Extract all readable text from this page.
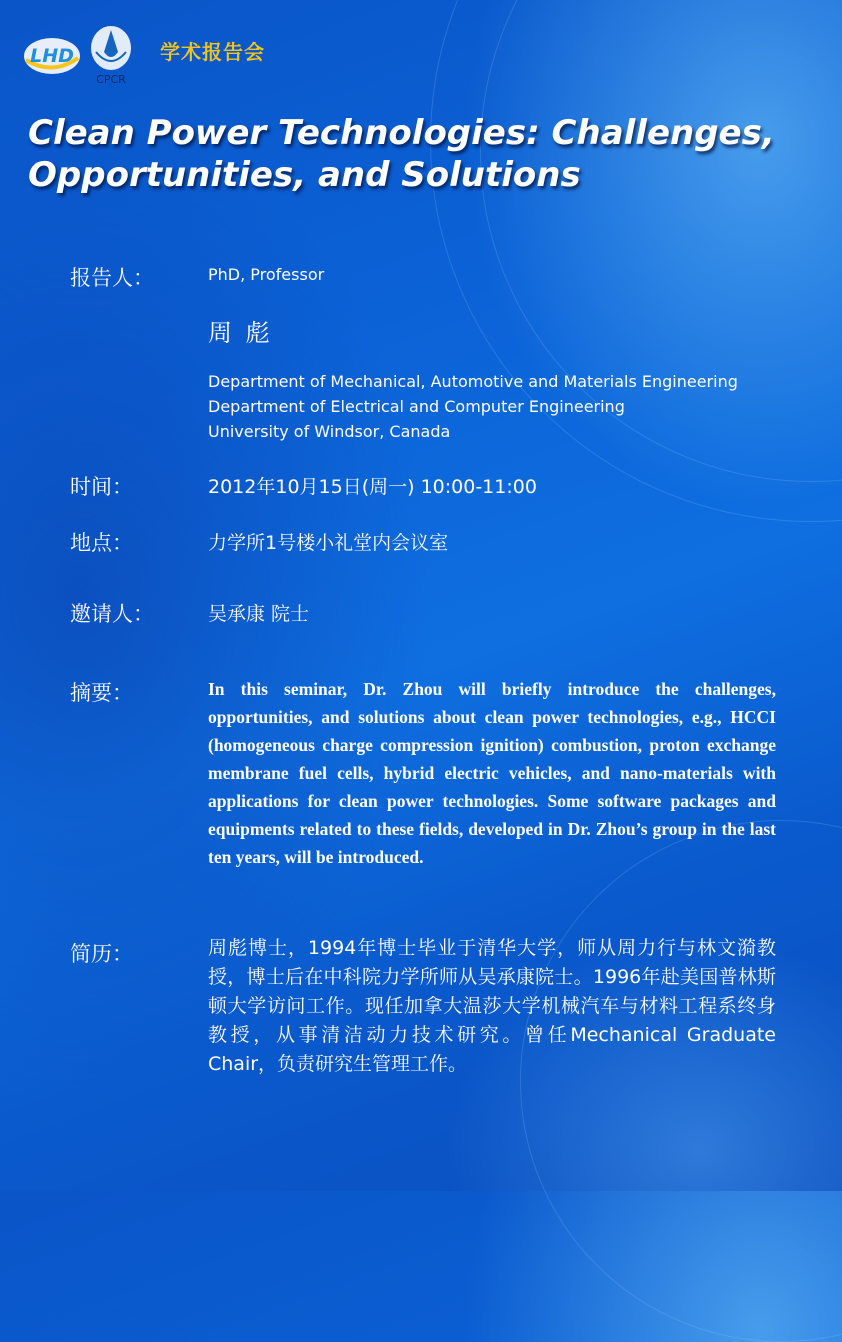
LHD
CPCR
学术报告会
Clean Power Technologies: Challenges,
Opportunities, and Solutions
报告人：	PhD, Professor
周 彪
Department of Mechanical, Automotive and Materials Engineering
Department of Electrical and Computer Engineering
University of Windsor, Canada
时间：	2012年10月15日(周一) 10:00-11:00
地点：	力学所1号楼小礼堂内会议室
邀请人：	吴承康 院士
摘要：	In this seminar, Dr. Zhou will briefly introduce the challenges, opportunities, and solutions about clean power technologies, e.g., HCCI (homogeneous charge compression ignition) combustion, proton exchange membrane fuel cells, hybrid electric vehicles, and nano-materials with applications for clean power technologies. Some software packages and equipments related to these fields, developed in Dr. Zhou’s group in the last ten years, will be introduced.

简历：	周彪博士，1994年博士毕业于清华大学，师从周力行与林文漪教授，博士后在中科院力学所师从吴承康院士。1996年赴美国普林斯顿大学访问工作。现任加拿大温莎大学机械汽车与材料工程系终身教授，从事清洁动力技术研究。曾任Mechanical Graduate Chair，负责研究生管理工作。
